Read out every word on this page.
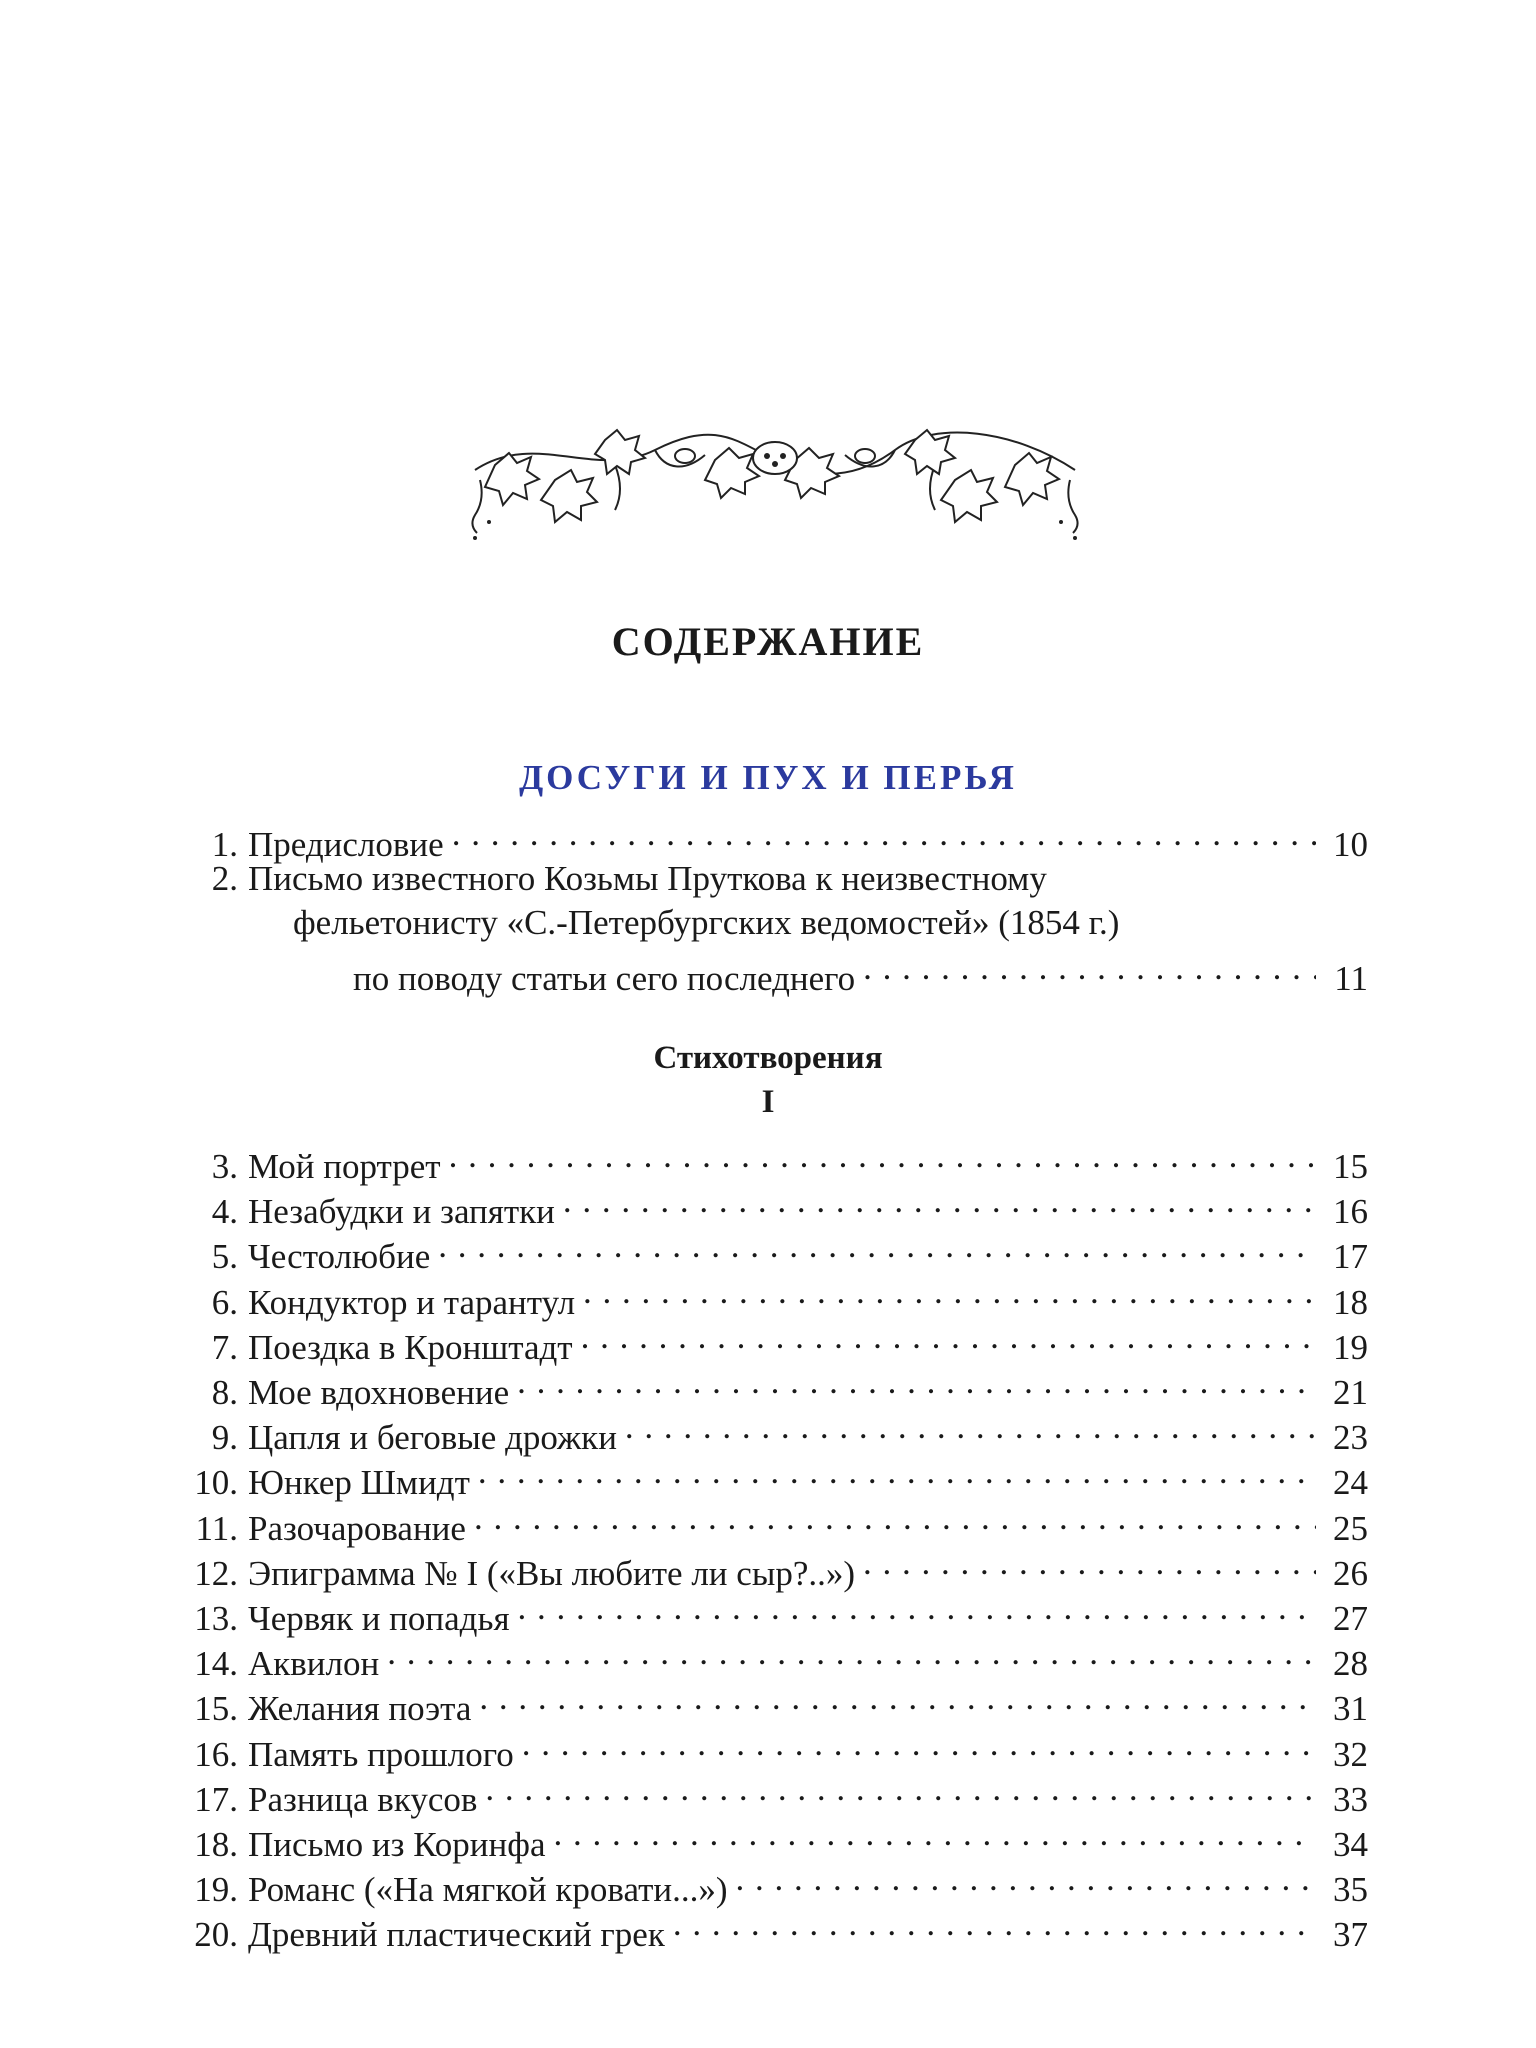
СОДЕРЖАНИЕ
ДОСУГИ И ПУХ И ПЕРЬЯ
1. Предисловие . . .	10
2. Письмо известного Козьмы Пруткова к неизвестному
фельетонисту «С.-Петербургских ведомостей» (1854 г.)
по поводу статьи сего последнего . . .	11
Стихотворения
I
3. Мой портрет . . .	15
4. Незабудки и запятки . . .	16
5. Честолюбие . . .	17
6. Кондуктор и тарантул . . .	18
7. Поездка в Кронштадт . . .	19
8. Мое вдохновение . . .	21
9. Цапля и беговые дрожки . . .	23
10. Юнкер Шмидт . . .	24
11. Разочарование . . .	25
12. Эпиграмма № I («Вы любите ли сыр?..») . . .	26
13. Червяк и попадья . . .	27
14. Аквилон . . .	28
15. Желания поэта . . .	31
16. Память прошлого . . .	32
17. Разница вкусов . . .	33
18. Письмо из Коринфа . . .	34
19. Романс («На мягкой кровати...») . . .	35
20. Древний пластический грек . . .	37
